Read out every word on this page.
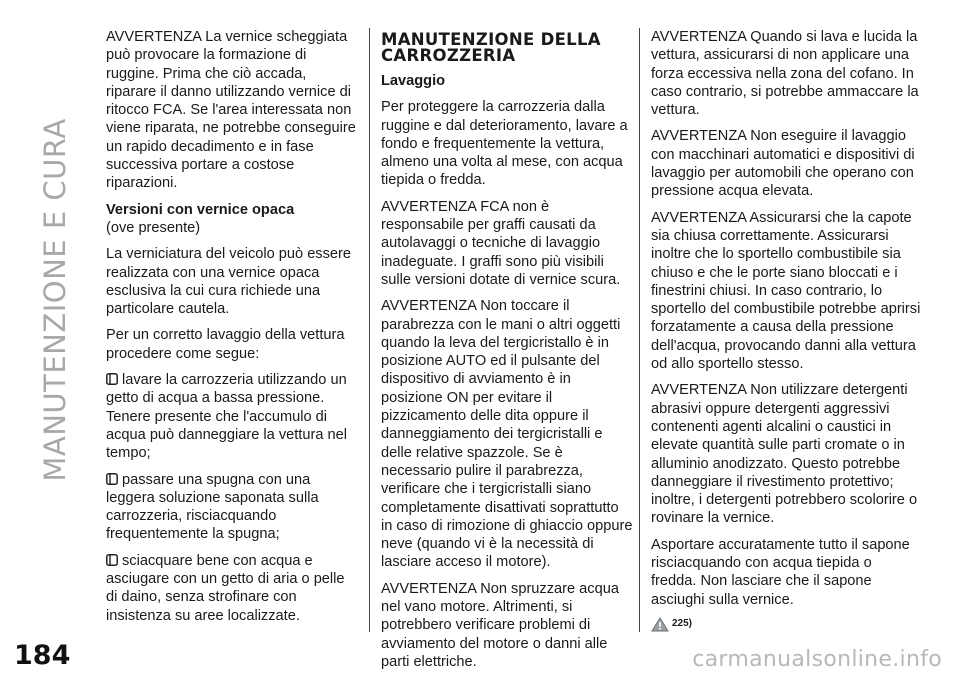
MANUTENZIONE E CURA

AVVERTENZA La vernice scheggiata può provocare la formazione di ruggine. Prima che ciò accada, riparare il danno utilizzando vernice di ritocco FCA. Se l'area interessata non viene riparata, ne potrebbe conseguire un rapido decadimento e in fase successiva portare a costose riparazioni.

Versioni con vernice opaca

(ove presente)

La verniciatura del veicolo può essere realizzata con una vernice opaca esclusiva la cui cura richiede una particolare cautela.

Per un corretto lavaggio della vettura procedere come segue:

lavare la carrozzeria utilizzando un getto di acqua a bassa pressione. Tenere presente che l'accumulo di acqua può danneggiare la vettura nel tempo;

passare una spugna con una leggera soluzione saponata sulla carrozzeria, risciacquando frequentemente la spugna;

sciacquare bene con acqua e asciugare con un getto di aria o pelle di daino, senza strofinare con insistenza su aree localizzate.

MANUTENZIONE DELLA CARROZZERIA

Lavaggio

Per proteggere la carrozzeria dalla ruggine e dal deterioramento, lavare a fondo e frequentemente la vettura, almeno una volta al mese, con acqua tiepida o fredda.

AVVERTENZA FCA non è responsabile per graffi causati da autolavaggi o tecniche di lavaggio inadeguate. I graffi sono più visibili sulle versioni dotate di vernice scura.

AVVERTENZA Non toccare il parabrezza con le mani o altri oggetti quando la leva del tergicristallo è in posizione AUTO ed il pulsante del dispositivo di avviamento è in posizione ON per evitare il pizzicamento delle dita oppure il danneggiamento dei tergicristalli e delle relative spazzole. Se è necessario pulire il parabrezza, verificare che i tergicristalli siano completamente disattivati soprattutto in caso di rimozione di ghiaccio oppure neve (quando vi è la necessità di lasciare acceso il motore).

AVVERTENZA Non spruzzare acqua nel vano motore. Altrimenti, si potrebbero verificare problemi di avviamento del motore o danni alle parti elettriche.

AVVERTENZA Quando si lava e lucida la vettura, assicurarsi di non applicare una forza eccessiva nella zona del cofano. In caso contrario, si potrebbe ammaccare la vettura.

AVVERTENZA Non eseguire il lavaggio con macchinari automatici e dispositivi di lavaggio per automobili che operano con pressione acqua elevata.

AVVERTENZA Assicurarsi che la capote sia chiusa correttamente. Assicurarsi inoltre che lo sportello combustibile sia chiuso e che le porte siano bloccati e i finestrini chiusi. In caso contrario, lo sportello del combustibile potrebbe aprirsi forzatamente a causa della pressione dell'acqua, provocando danni alla vettura od allo sportello stesso.

AVVERTENZA Non utilizzare detergenti abrasivi oppure detergenti aggressivi contenenti agenti alcalini o caustici in elevate quantità sulle parti cromate o in alluminio anodizzato. Questo potrebbe danneggiare il rivestimento protettivo; inoltre, i detergenti potrebbero scolorire o rovinare la vernice.

Asportare accuratamente tutto il sapone risciacquando con acqua tiepida o fredda. Non lasciare che il sapone asciughi sulla vernice.

225)
184	carmanualsonline.info
